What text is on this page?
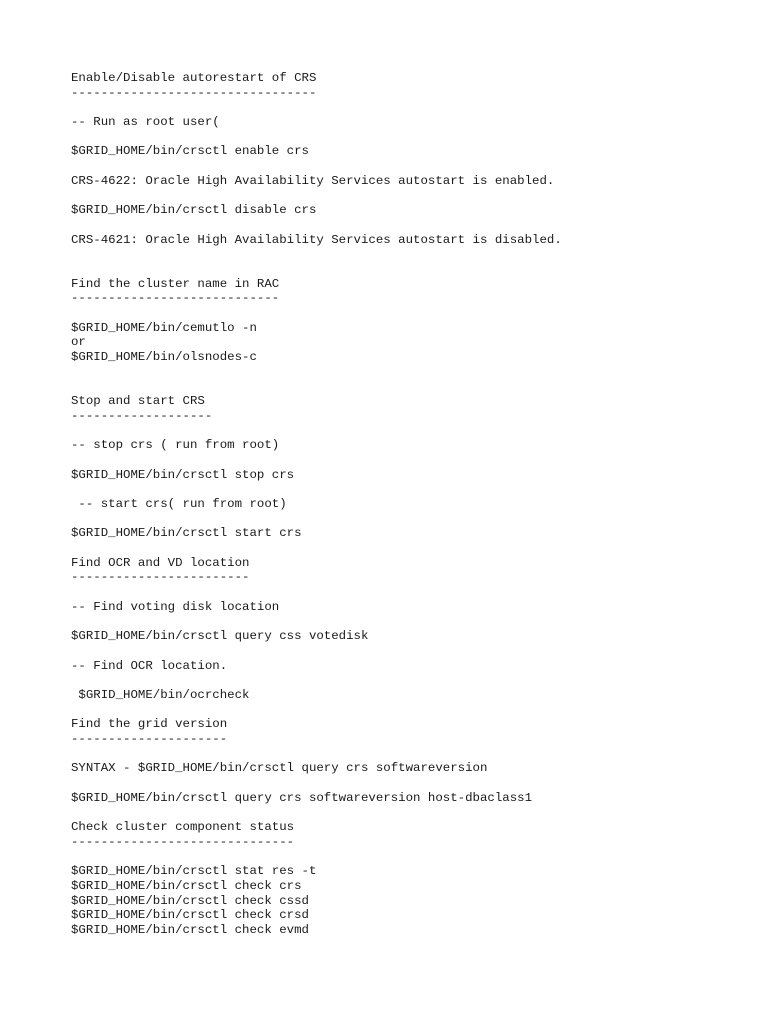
Enable/Disable autorestart of CRS
---------------------------------
-- Run as root user(
$GRID_HOME/bin/crsctl enable crs
CRS-4622: Oracle High Availability Services autostart is enabled.
$GRID_HOME/bin/crsctl disable crs
CRS-4621: Oracle High Availability Services autostart is disabled.
Find the cluster name in RAC
----------------------------
$GRID_HOME/bin/cemutlo -n
or
$GRID_HOME/bin/olsnodes-c
Stop and start CRS
-------------------
-- stop crs ( run from root)
$GRID_HOME/bin/crsctl stop crs
-- start crs( run from root)
$GRID_HOME/bin/crsctl start crs
Find OCR and VD location
------------------------
-- Find voting disk location
$GRID_HOME/bin/crsctl query css votedisk
-- Find OCR location.
$GRID_HOME/bin/ocrcheck
Find the grid version
---------------------
SYNTAX - $GRID_HOME/bin/crsctl query crs softwareversion
$GRID_HOME/bin/crsctl query crs softwareversion host-dbaclass1
Check cluster component status
------------------------------
$GRID_HOME/bin/crsctl stat res -t
$GRID_HOME/bin/crsctl check crs
$GRID_HOME/bin/crsctl check cssd
$GRID_HOME/bin/crsctl check crsd
$GRID_HOME/bin/crsctl check evmd
